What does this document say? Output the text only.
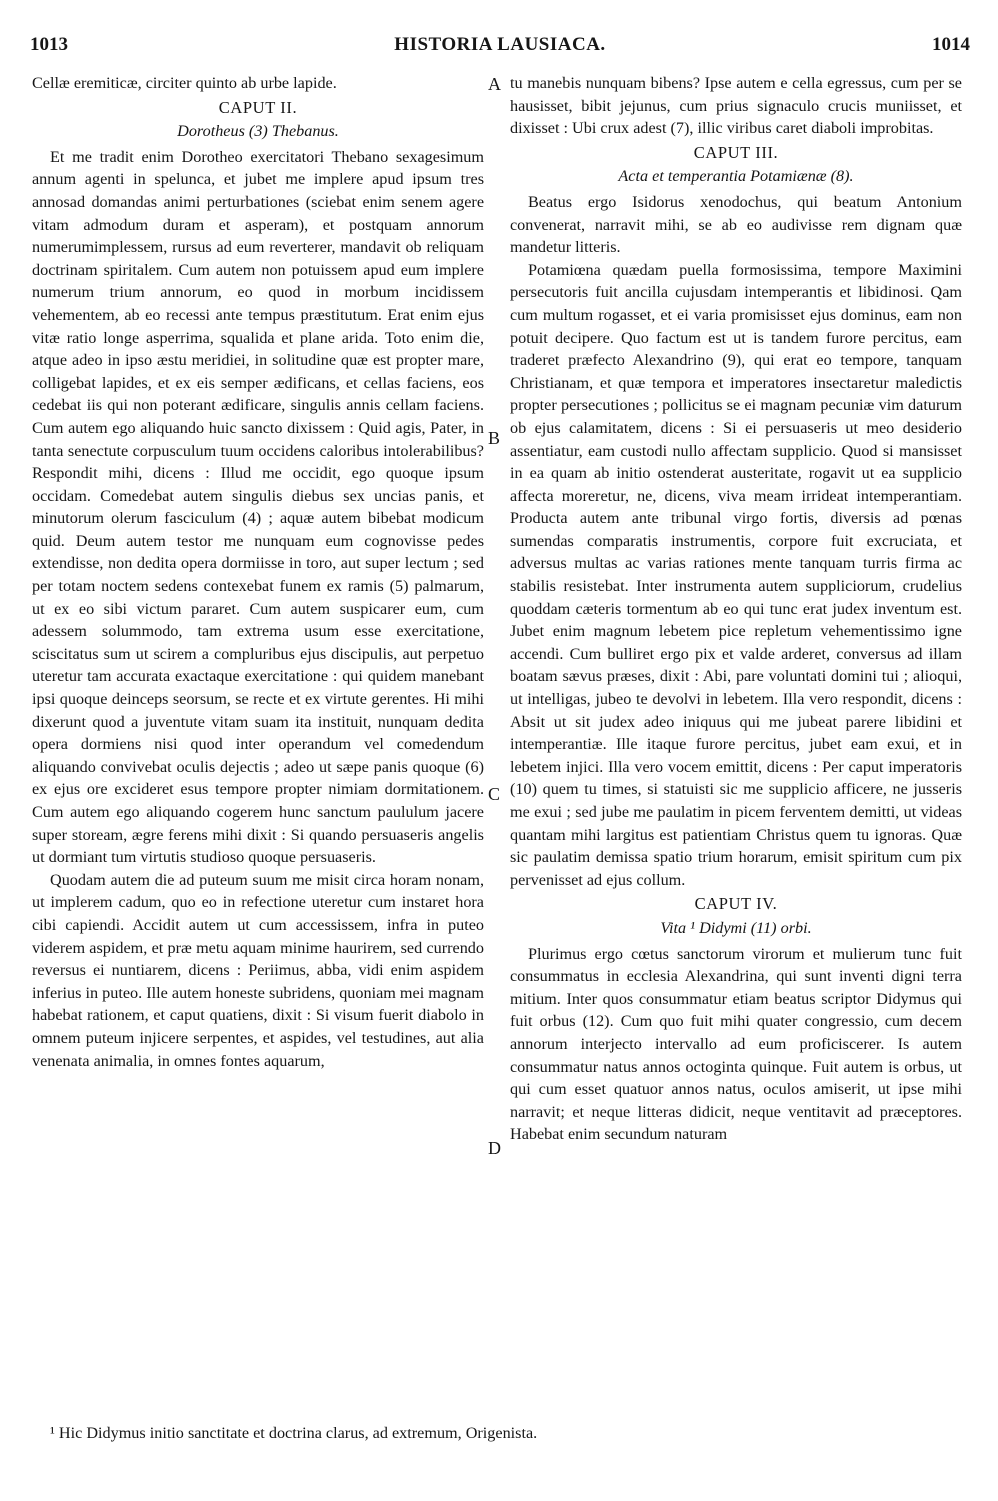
1013	HISTORIA LAUSIACA.	1014
A
B
C
D

Cellæ eremiticæ, circiter quinto ab urbe lapide.

CAPUT II.
Dorotheus (3) Thebanus.

Et me tradit enim Dorotheo exercitatori Thebano sexagesimum annum agenti in spelunca, et jubet me implere apud ipsum tres annosad domandas animi perturbationes (sciebat enim senem agere vitam admodum duram et asperam), et postquam annorum numerumimplessem, rursus ad eum reverterer, mandavit ob reliquam doctrinam spiritalem. Cum autem non potuissem apud eum implere numerum trium annorum, eo quod in morbum incidissem vehementem, ab eo recessi ante tempus præstitutum. Erat enim ejus vitæ ratio longe asperrima, squalida et plane arida. Toto enim die, atque adeo in ipso æstu meridiei, in solitudine quæ est propter mare, colligebat lapides, et ex eis semper ædificans, et cellas faciens, eos cedebat iis qui non poterant ædificare, singulis annis cellam faciens. Cum autem ego aliquando huic sancto dixissem : Quid agis, Pater, in tanta senectute corpusculum tuum occidens caloribus intolerabilibus? Respondit mihi, dicens : Illud me occidit, ego quoque ipsum occidam. Comedebat autem singulis diebus sex uncias panis, et minutorum olerum fasciculum (4) ; aquæ autem bibebat modicum quid. Deum autem testor me nunquam eum cognovisse pedes extendisse, non dedita opera dormiisse in toro, aut super lectum ; sed per totam noctem sedens contexebat funem ex ramis (5) palmarum, ut ex eo sibi victum pararet. Cum autem suspicarer eum, cum adessem solummodo, tam extrema usum esse exercitatione, sciscitatus sum ut scirem a compluribus ejus discipulis, aut perpetuo uteretur tam accurata exactaque exercitatione : qui quidem manebant ipsi quoque deinceps seorsum, se recte et ex virtute gerentes. Hi mihi dixerunt quod a juventute vitam suam ita instituit, nunquam dedita opera dormiens nisi quod inter operandum vel comedendum aliquando convivebat oculis dejectis ; adeo ut sæpe panis quoque (6) ex ejus ore excideret esus tempore propter nimiam dormitationem. Cum autem ego aliquando cogerem hunc sanctum paululum jacere super stoream, ægre ferens mihi dixit : Si quando persuaseris angelis ut dormiant tum virtutis studioso quoque persuaseris.

Quodam autem die ad puteum suum me misit circa horam nonam, ut implerem cadum, quo eo in refectione uteretur cum instaret hora cibi capiendi. Accidit autem ut cum accessissem, infra in puteo viderem aspidem, et præ metu aquam minime haurirem, sed currendo reversus ei nuntiarem, dicens : Periimus, abba, vidi enim aspidem inferius in puteo. Ille autem honeste subridens, quoniam mei magnam habebat rationem, et caput quatiens, dixit : Si visum fuerit diabolo in omnem puteum injicere serpentes, et aspides, vel testudines, aut alia venenata animalia, in omnes fontes aquarum,

tu manebis nunquam bibens? Ipse autem e cella egressus, cum per se hausisset, bibit jejunus, cum prius signaculo crucis muniisset, et dixisset : Ubi crux adest (7), illic viribus caret diaboli improbitas.

CAPUT III.
Acta et temperantia Potamiænæ (8).

Beatus ergo Isidorus xenodochus, qui beatum Antonium convenerat, narravit mihi, se ab eo audivisse rem dignam quæ mandetur litteris.

Potamiœna quædam puella formosissima, tempore Maximini persecutoris fuit ancilla cujusdam intemperantis et libidinosi. Qam cum multum rogasset, et ei varia promisisset ejus dominus, eam non potuit decipere. Quo factum est ut is tandem furore percitus, eam traderet præfecto Alexandrino (9), qui erat eo tempore, tanquam Christianam, et quæ tempora et imperatores insectaretur maledictis propter persecutiones ; pollicitus se ei magnam pecuniæ vim daturum ob ejus calamitatem, dicens : Si ei persuaseris ut meo desiderio assentiatur, eam custodi nullo affectam supplicio. Quod si mansisset in ea quam ab initio ostenderat austeritate, rogavit ut ea supplicio affecta moreretur, ne, dicens, viva meam irrideat intemperantiam. Producta autem ante tribunal virgo fortis, diversis ad pœnas sumendas comparatis instrumentis, corpore fuit excruciata, et adversus multas ac varias rationes mente tanquam turris firma ac stabilis resistebat. Inter instrumenta autem suppliciorum, crudelius quoddam cæteris tormentum ab eo qui tunc erat judex inventum est. Jubet enim magnum lebetem pice repletum vehementissimo igne accendi. Cum bulliret ergo pix et valde arderet, conversus ad illam boatam sævus præses, dixit : Abi, pare voluntati domini tui ; alioqui, ut intelligas, jubeo te devolvi in lebetem. Illa vero respondit, dicens : Absit ut sit judex adeo iniquus qui me jubeat parere libidini et intemperantiæ. Ille itaque furore percitus, jubet eam exui, et in lebetem injici. Illa vero vocem emittit, dicens : Per caput imperatoris (10) quem tu times, si statuisti sic me supplicio afficere, ne jusseris me exui ; sed jube me paulatim in picem ferventem demitti, ut videas quantam mihi largitus est patientiam Christus quem tu ignoras. Quæ sic paulatim demissa spatio trium horarum, emisit spiritum cum pix pervenisset ad ejus collum.

CAPUT IV.
Vita ¹ Didymi (11) orbi.

Plurimus ergo cœtus sanctorum virorum et mulierum tunc fuit consummatus in ecclesia Alexandrina, qui sunt inventi digni terra mitium. Inter quos consummatur etiam beatus scriptor Didymus qui fuit orbus (12). Cum quo fuit mihi quater congressio, cum decem annorum interjecto intervallo ad eum proficiscerer. Is autem consummatur natus annos octoginta quinque. Fuit autem is orbus, ut qui cum esset quatuor annos natus, oculos amiserit, ut ipse mihi narravit; et neque litteras didicit, neque ventitavit ad præceptores. Habebat enim secundum naturam

¹ Hic Didymus initio sanctitate et doctrina clarus, ad extremum, Origenista.
